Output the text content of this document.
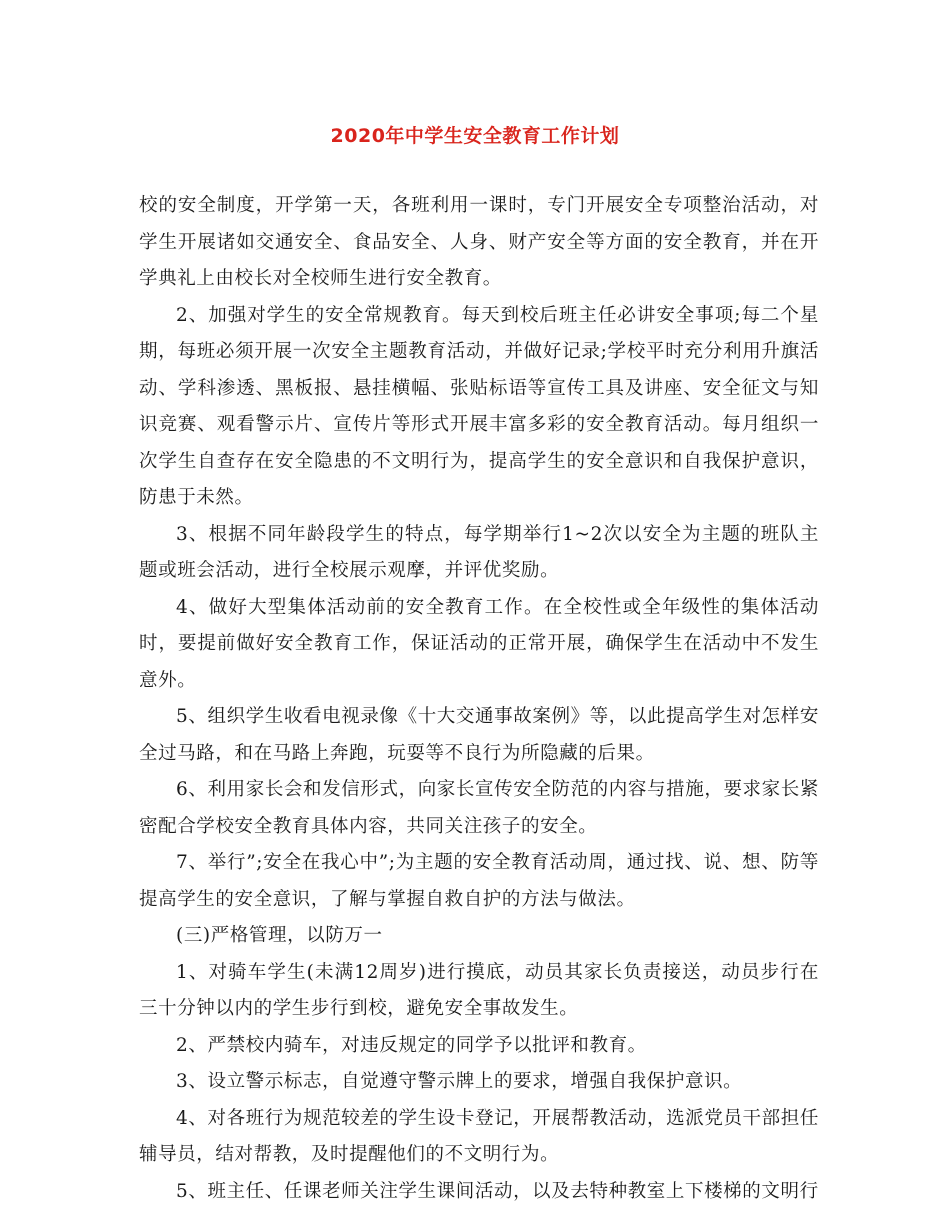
2020年中学生安全教育工作计划

校的安全制度，开学第一天，各班利用一课时，专门开展安全专项整治活动，对学生开展诸如交通安全、食品安全、人身、财产安全等方面的安全教育，并在开学典礼上由校长对全校师生进行安全教育。

2、加强对学生的安全常规教育。每天到校后班主任必讲安全事项;每二个星期，每班必须开展一次安全主题教育活动，并做好记录;学校平时充分利用升旗活动、学科渗透、黑板报、悬挂横幅、张贴标语等宣传工具及讲座、安全征文与知识竞赛、观看警示片、宣传片等形式开展丰富多彩的安全教育活动。每月组织一次学生自查存在安全隐患的不文明行为，提高学生的安全意识和自我保护意识，防患于未然。

3、根据不同年龄段学生的特点，每学期举行1~2次以安全为主题的班队主题或班会活动，进行全校展示观摩，并评优奖励。

4、做好大型集体活动前的安全教育工作。在全校性或全年级性的集体活动时，要提前做好安全教育工作，保证活动的正常开展，确保学生在活动中不发生意外。

5、组织学生收看电视录像《十大交通事故案例》等，以此提高学生对怎样安全过马路，和在马路上奔跑，玩耍等不良行为所隐藏的后果。

6、利用家长会和发信形式，向家长宣传安全防范的内容与措施，要求家长紧密配合学校安全教育具体内容，共同关注孩子的安全。

7、举行”;安全在我心中”;为主题的安全教育活动周，通过找、说、想、防等提高学生的安全意识，了解与掌握自救自护的方法与做法。

(三)严格管理，以防万一

1、对骑车学生(未满12周岁)进行摸底，动员其家长负责接送，动员步行在三十分钟以内的学生步行到校，避免安全事故发生。

2、严禁校内骑车，对违反规定的同学予以批评和教育。

3、设立警示标志，自觉遵守警示牌上的要求，增强自我保护意识。

4、对各班行为规范较差的学生设卡登记，开展帮教活动，选派党员干部担任辅导员，结对帮教，及时提醒他们的不文明行为。

5、班主任、任课老师关注学生课间活动，以及去特种教室上下楼梯的文明行
